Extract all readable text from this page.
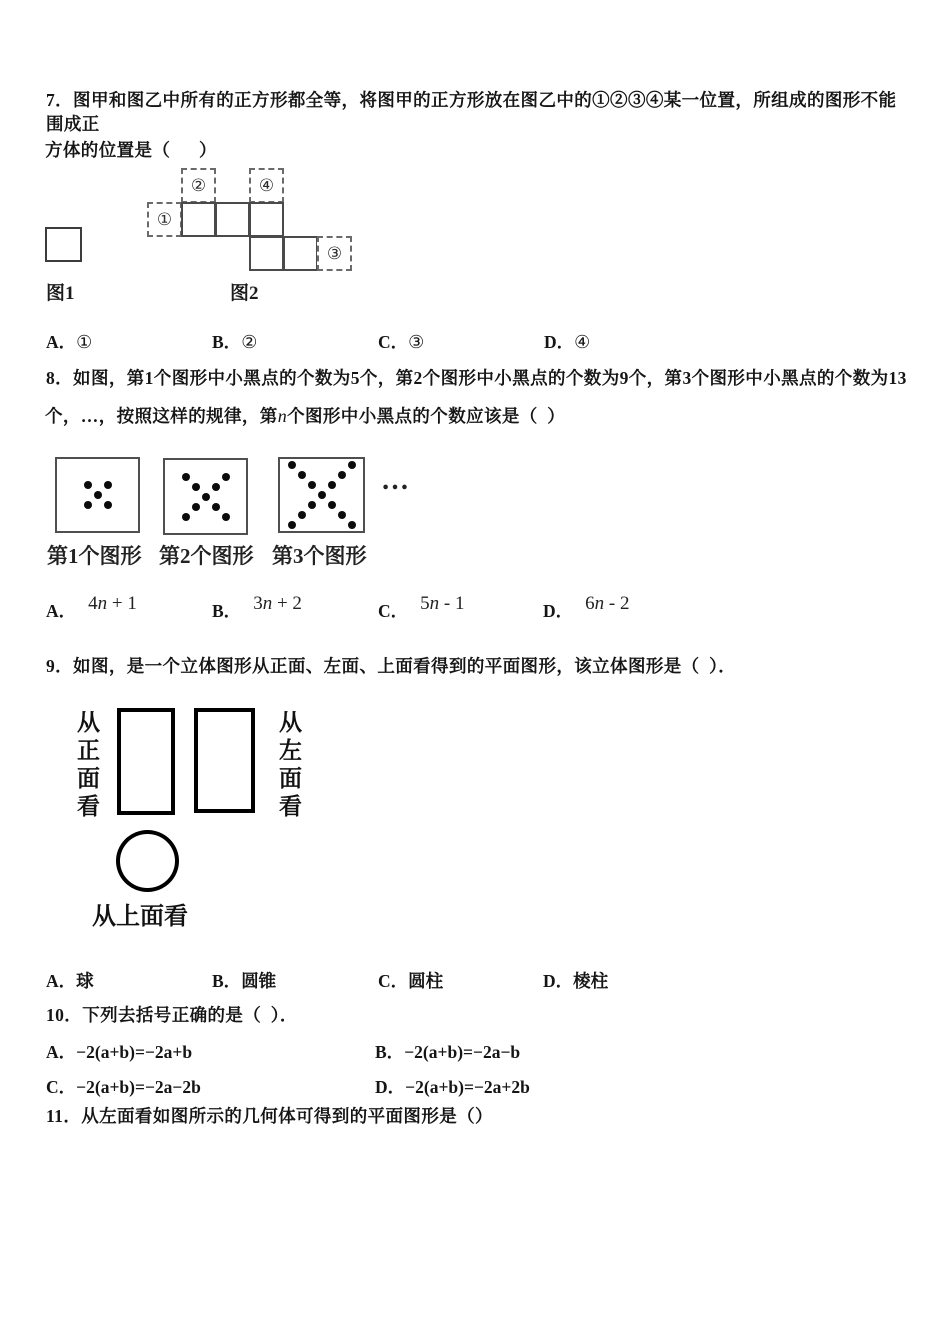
7．图甲和图乙中所有的正方形都全等，将图甲的正方形放在图乙中的①②③④某一位置，所组成的图形不能围成正
方体的位置是（      ）
图1
②	④
①
③
图2
A．①	B．②	C．③	D．④
8．如图，第1个图形中小黑点的个数为5个，第2个图形中小黑点的个数为9个，第3个图形中小黑点的个数为13
个，…，按照这样的规律，第n个图形中小黑点的个数应该是（  ）
第1个图形 第2个图形 第3个图形
…
A． 4n + 1	B． 3n + 2	C． 5n - 1	D． 6n - 2
9．如图，是一个立体图形从正面、左面、上面看得到的平面图形，该立体图形是（  ）．
从正面看	从左面看
从上面看
A．球	B．圆锥	C．圆柱	D．棱柱
10．下列去括号正确的是（  ）．
A．−2(a+b)=−2a+b	B．−2(a+b)=−2a−b
C．−2(a+b)=−2a−2b	D．−2(a+b)=−2a+2b
11．从左面看如图所示的几何体可得到的平面图形是（）
